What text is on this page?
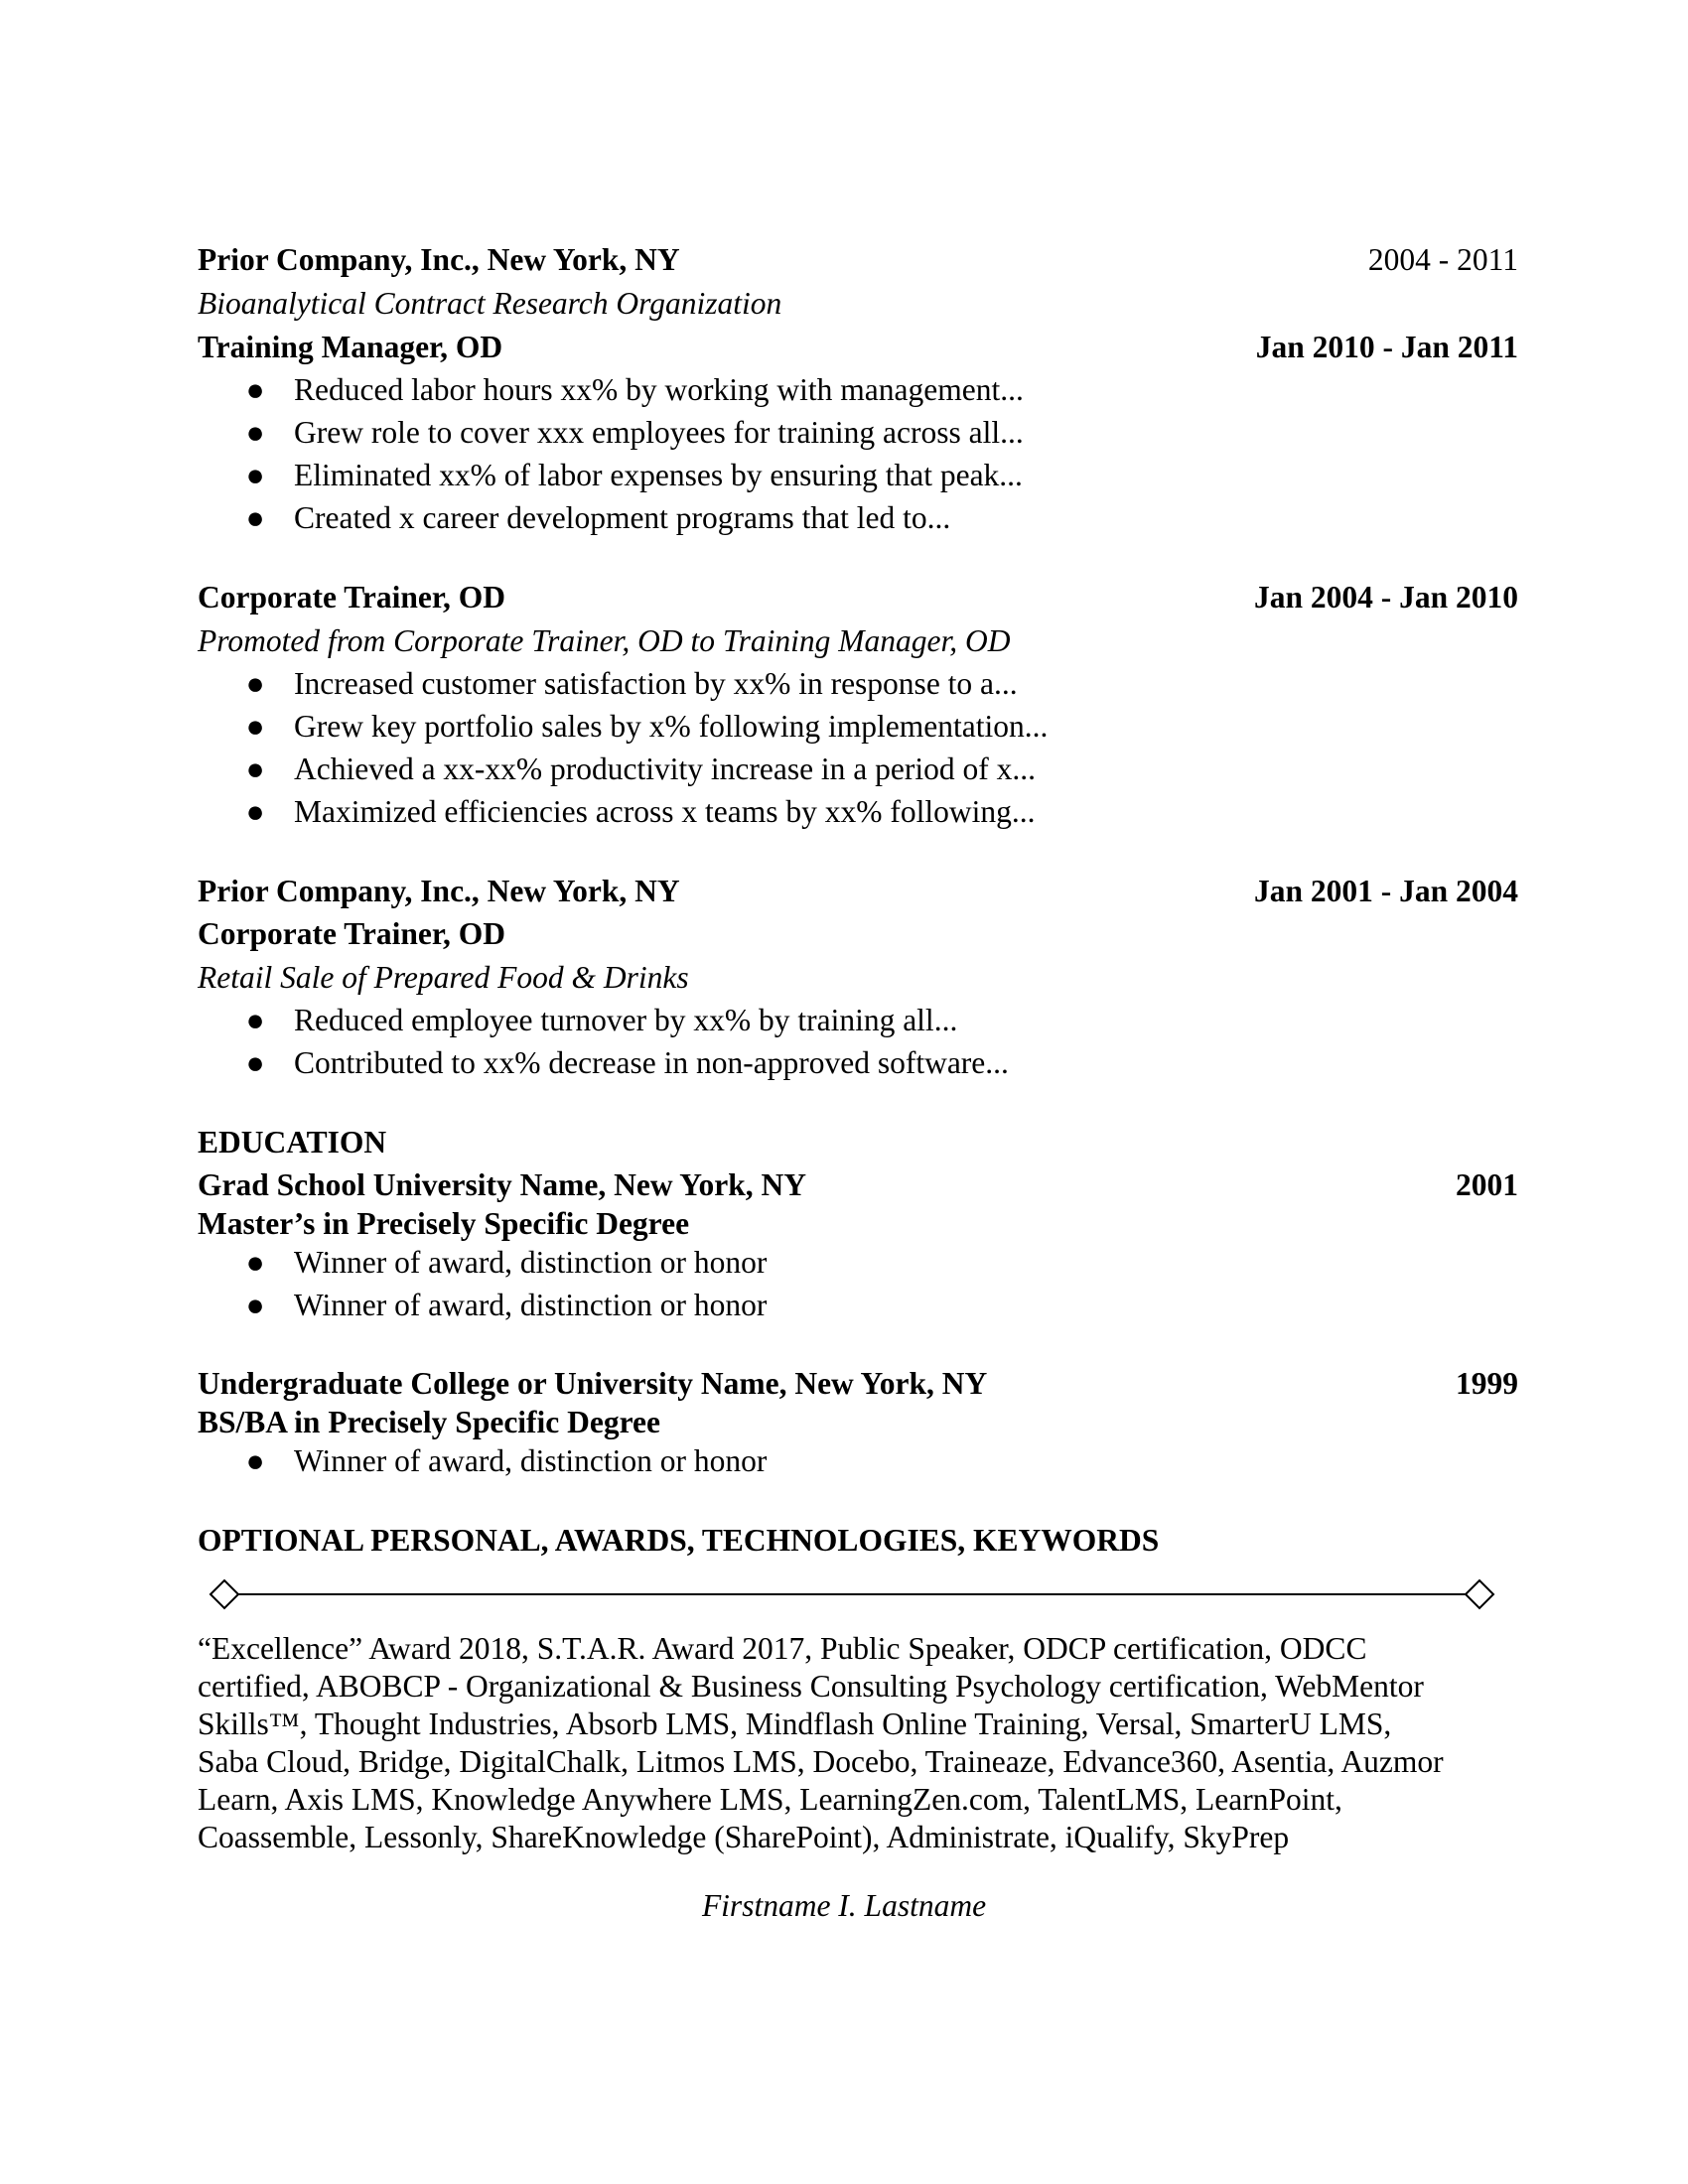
Prior Company, Inc., New York, NY	2004 - 2011
Bioanalytical Contract Research Organization
Training Manager, OD	Jan 2010 - Jan 2011
● Reduced labor hours xx% by working with management...
● Grew role to cover xxx employees for training across all...
● Eliminated xx% of labor expenses by ensuring that peak...
● Created x career development programs that led to...
Corporate Trainer, OD	Jan 2004 - Jan 2010
Promoted from Corporate Trainer, OD to Training Manager, OD
● Increased customer satisfaction by xx% in response to a...
● Grew key portfolio sales by x% following implementation...
● Achieved a xx-xx% productivity increase in a period of x...
● Maximized efficiencies across x teams by xx% following...
Prior Company, Inc., New York, NY	Jan 2001 - Jan 2004
Corporate Trainer, OD
Retail Sale of Prepared Food & Drinks
● Reduced employee turnover by xx% by training all...
● Contributed to xx% decrease in non-approved software...
EDUCATION
Grad School University Name, New York, NY	2001
Master’s in Precisely Specific Degree
● Winner of award, distinction or honor
● Winner of award, distinction or honor
Undergraduate College or University Name, New York, NY	1999
BS/BA in Precisely Specific Degree
● Winner of award, distinction or honor
OPTIONAL PERSONAL, AWARDS, TECHNOLOGIES, KEYWORDS
“Excellence” Award 2018, S.T.A.R. Award 2017, Public Speaker, ODCP certification, ODCC
certified, ABOBCP - Organizational & Business Consulting Psychology certification, WebMentor
Skills™, Thought Industries, Absorb LMS, Mindflash Online Training, Versal, SmarterU LMS,
Saba Cloud, Bridge, DigitalChalk, Litmos LMS, Docebo, Traineaze, Edvance360, Asentia, Auzmor
Learn, Axis LMS, Knowledge Anywhere LMS, LearningZen.com, TalentLMS, LearnPoint,
Coassemble, Lessonly, ShareKnowledge (SharePoint), Administrate, iQualify, SkyPrep
Firstname I. Lastname
